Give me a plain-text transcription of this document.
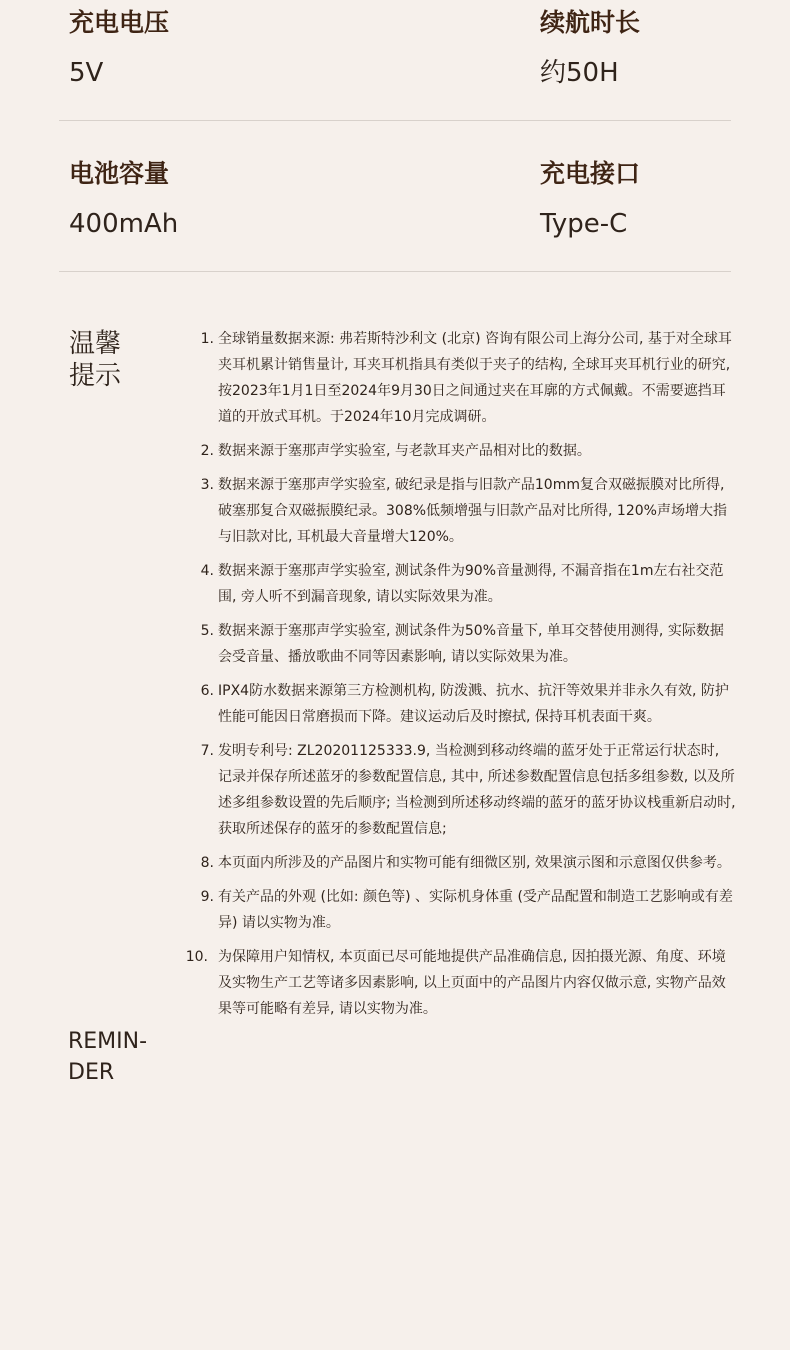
充电电压
5V
续航时长
约50H
电池容量
400mAh
充电接口
Type-C
温馨
提示
1. 全球销量数据来源: 弗若斯特沙利文 (北京) 咨询有限公司上海分公司, 基于对全球耳夹耳机累计销售量计, 耳夹耳机指具有类似于夹子的结构, 全球耳夹耳机行业的研究, 按2023年1月1日至2024年9月30日之间通过夹在耳廓的方式佩戴。不需要遮挡耳道的开放式耳机。于2024年10月完成调研。
2. 数据来源于塞那声学实验室, 与老款耳夹产品相对比的数据。
3. 数据来源于塞那声学实验室, 破纪录是指与旧款产品10mm复合双磁振膜对比所得, 破塞那复合双磁振膜纪录。308%低频增强与旧款产品对比所得, 120%声场增大指与旧款对比, 耳机最大音量增大120%。
4. 数据来源于塞那声学实验室, 测试条件为90%音量测得, 不漏音指在1m左右社交范围, 旁人听不到漏音现象, 请以实际效果为准。
5. 数据来源于塞那声学实验室, 测试条件为50%音量下, 单耳交替使用测得, 实际数据会受音量、播放歌曲不同等因素影响, 请以实际效果为准。
6. IPX4防水数据来源第三方检测机构, 防泼溅、抗水、抗汗等效果并非永久有效, 防护性能可能因日常磨损而下降。建议运动后及时擦拭, 保持耳机表面干爽。
7. 发明专利号: ZL20201125333.9, 当检测到移动终端的蓝牙处于正常运行状态时, 记录并保存所述蓝牙的参数配置信息, 其中, 所述参数配置信息包括多组参数, 以及所述多组参数设置的先后顺序; 当检测到所述移动终端的蓝牙的蓝牙协议栈重新启动时, 获取所述保存的蓝牙的参数配置信息;
8. 本页面内所涉及的产品图片和实物可能有细微区别, 效果演示图和示意图仅供参考。
9. 有关产品的外观 (比如: 颜色等) 、实际机身体重 (受产品配置和制造工艺影响或有差异) 请以实物为准。
10. 为保障用户知情权, 本页面已尽可能地提供产品准确信息, 因拍摄光源、角度、环境及实物生产工艺等诸多因素影响, 以上页面中的产品图片内容仅做示意, 实物产品效果等可能略有差异, 请以实物为准。
REMIN-
DER
